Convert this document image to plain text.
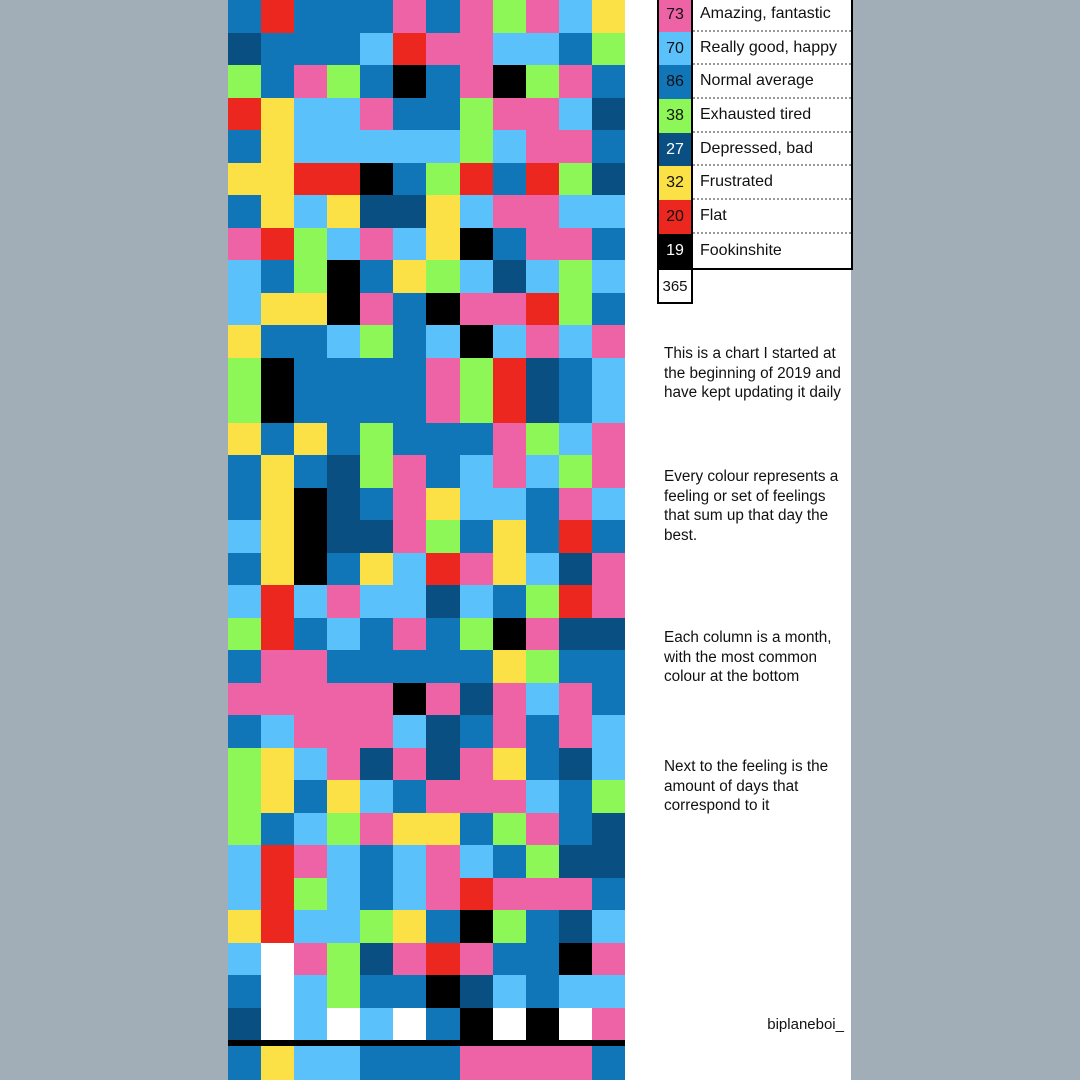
73	Amazing, fantastic
70	Really good, happy
86	Normal average
38	Exhausted tired
27	Depressed, bad
32	Frustrated
20	Flat
19	Fookinshite
365
This is a chart I started at the beginning of 2019 and have kept updating it daily
Every colour represents a feeling or set of feelings that sum up that day the best.
Each column is a month, with the most common colour at the bottom
Next to the feeling is the amount of days that correspond to it
biplaneboi_
